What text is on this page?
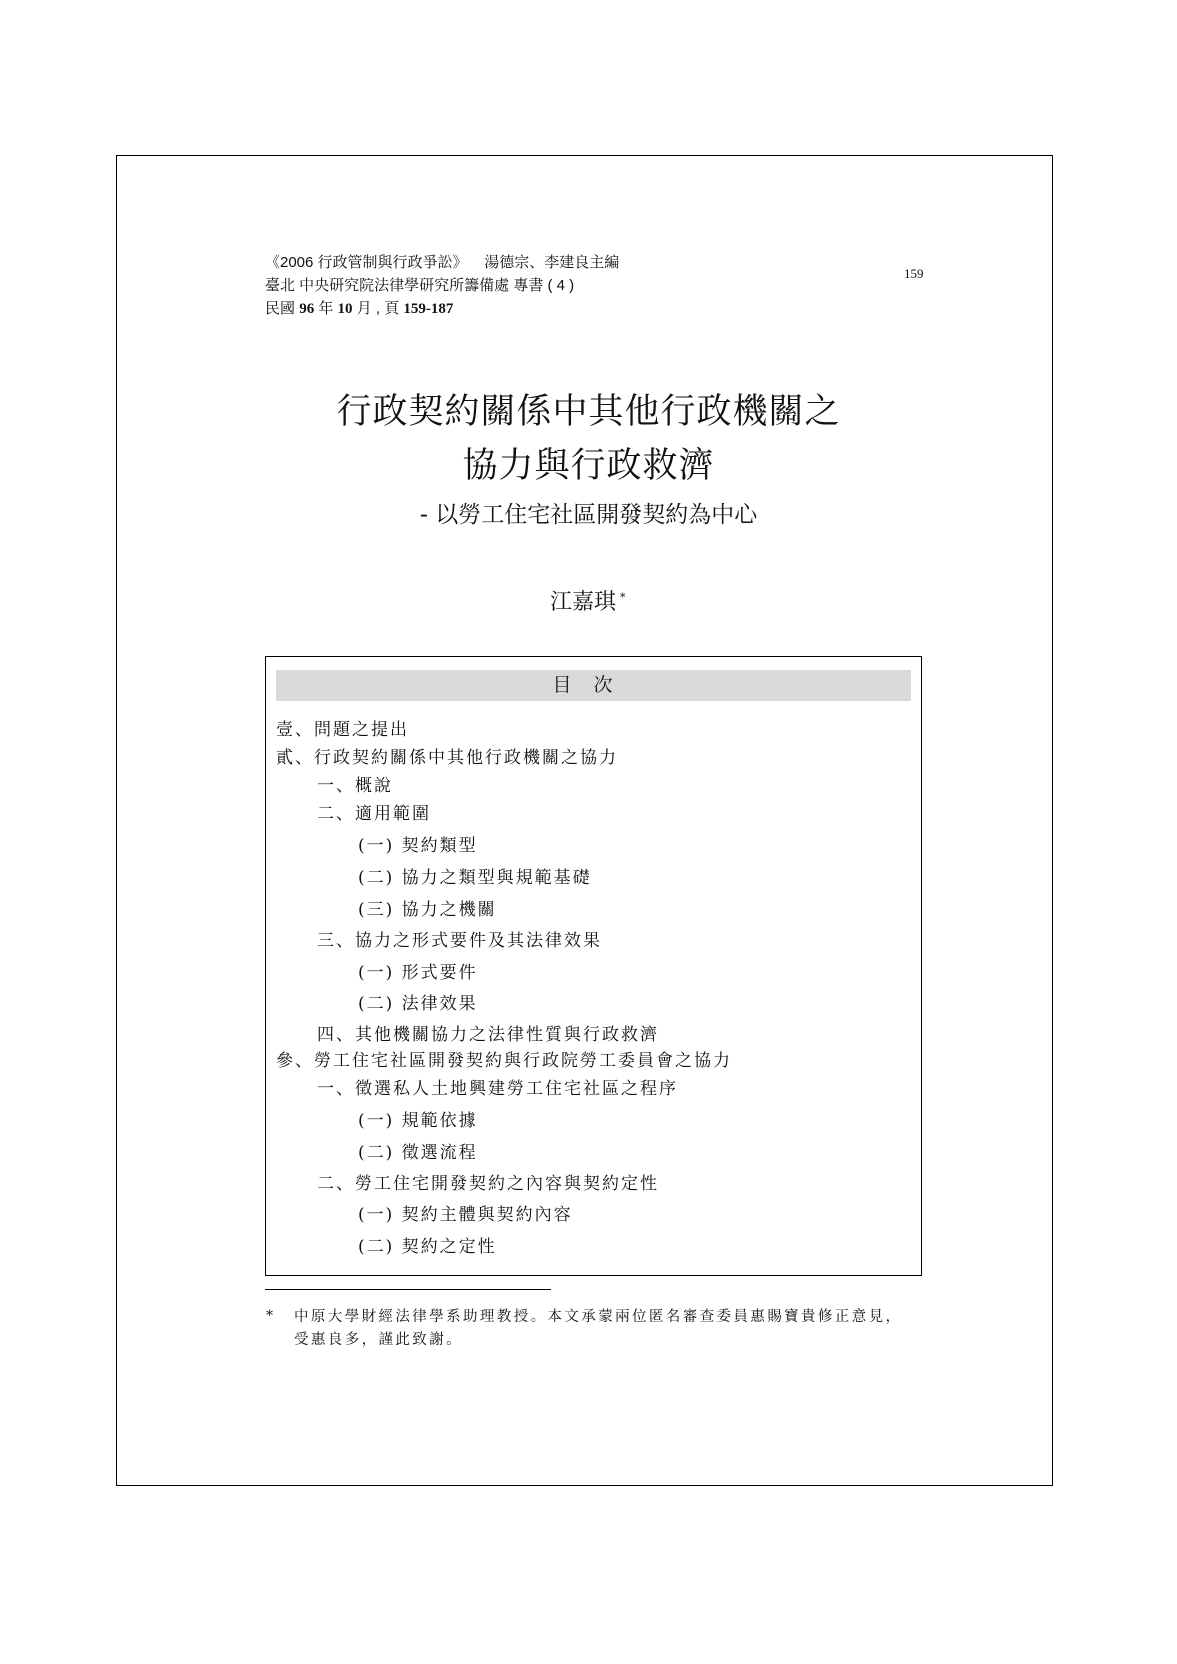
《2006 行政管制與行政爭訟》 湯德宗、李建良主編
臺北 中央研究院法律學研究所籌備處 專書 ( 4 )
民國 96 年 10 月 , 頁 159-187
159
行政契約關係中其他行政機關之
協力與行政救濟
- 以勞工住宅社區開發契約為中心
江嘉琪 *
目次
壹、問題之提出
貳、行政契約關係中其他行政機關之協力
一、概說
二、適用範圍
(一) 契約類型
(二) 協力之類型與規範基礎
(三) 協力之機關
三、協力之形式要件及其法律效果
(一) 形式要件
(二) 法律效果
四、其他機關協力之法律性質與行政救濟
參、勞工住宅社區開發契約與行政院勞工委員會之協力
一、徵選私人土地興建勞工住宅社區之程序
(一) 規範依據
(二) 徵選流程
二、勞工住宅開發契約之內容與契約定性
(一) 契約主體與契約內容
(二) 契約之定性
* 中原大學財經法律學系助理教授。本文承蒙兩位匿名審查委員惠賜寶貴修正意見，受惠良多，謹此致謝。
